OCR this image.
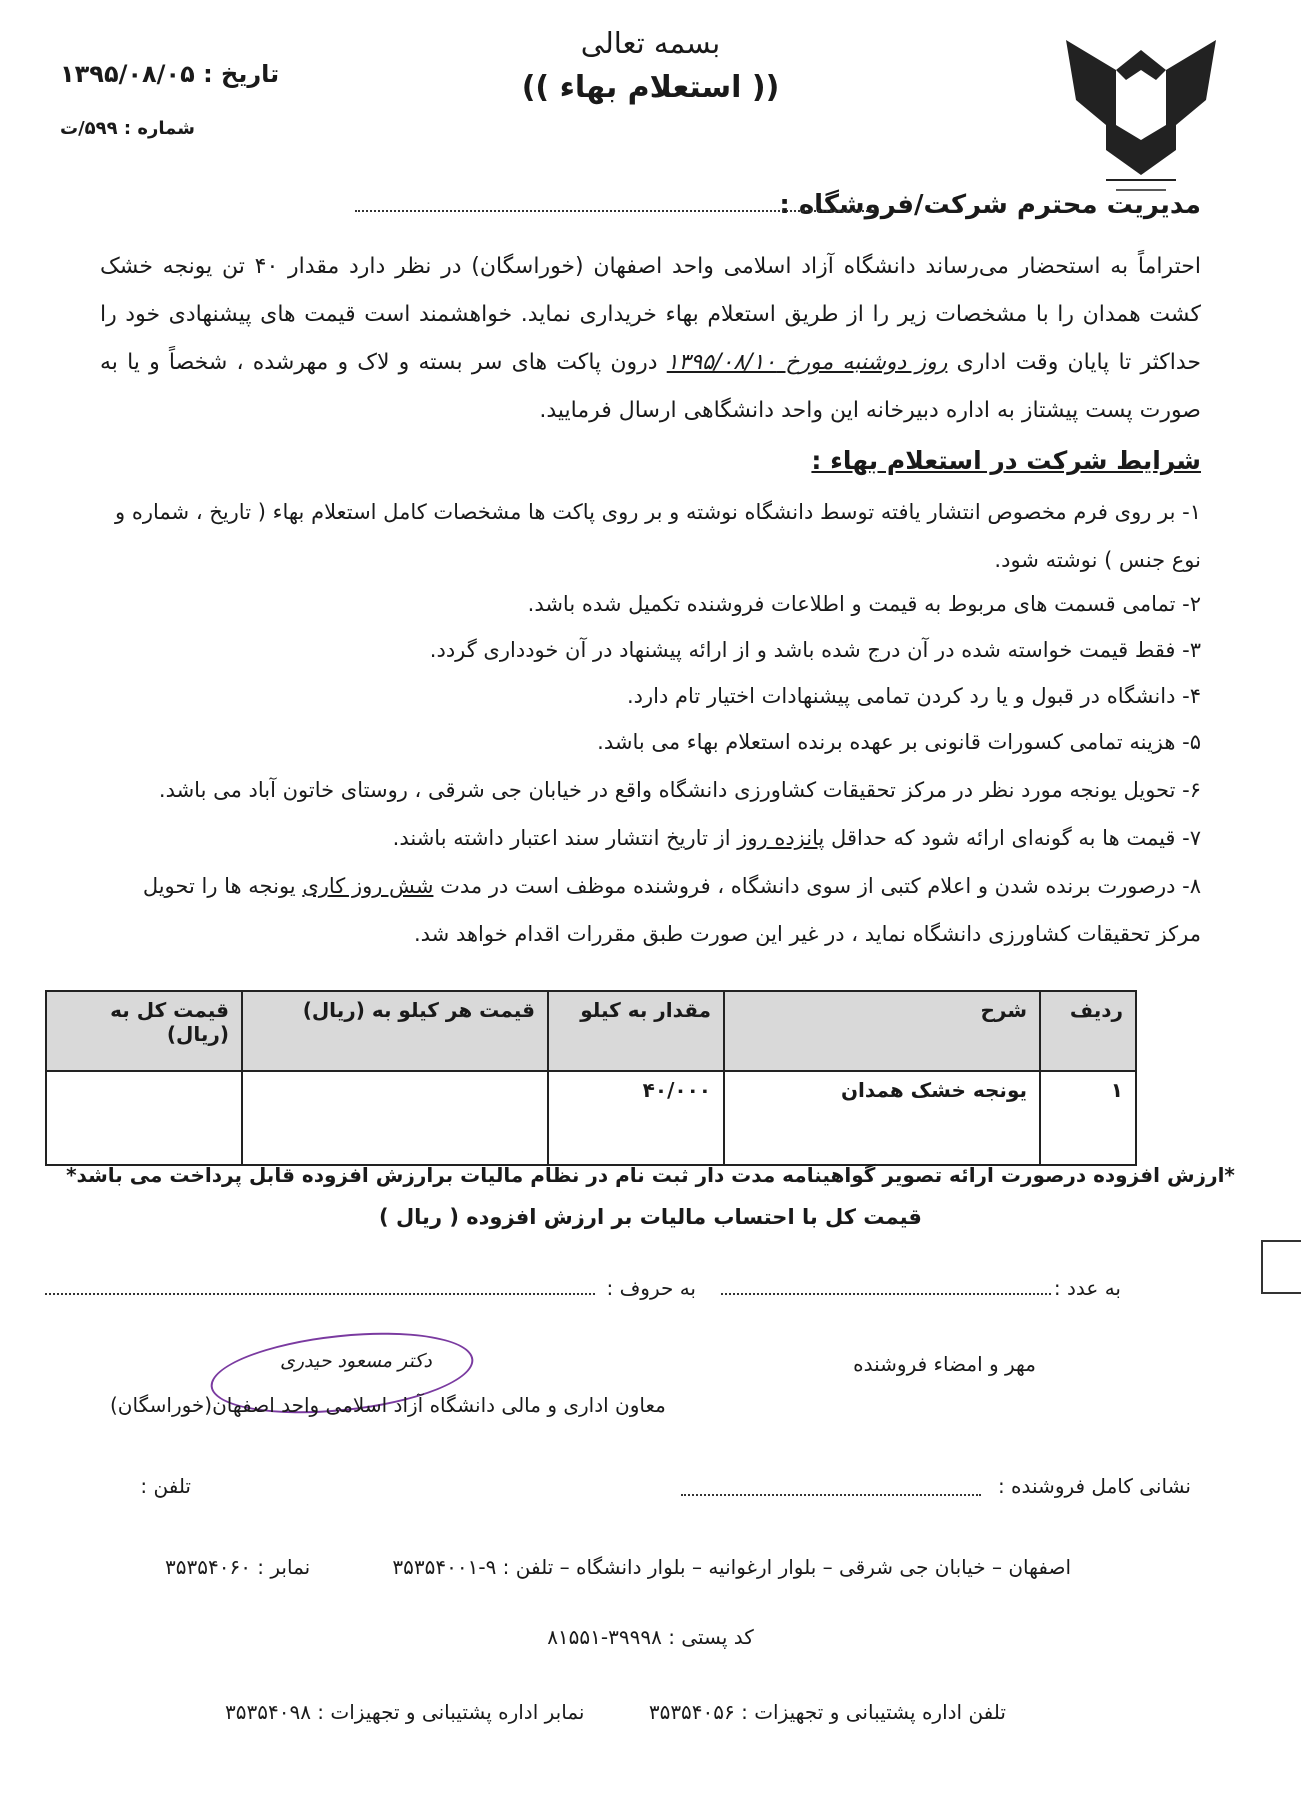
بسمه تعالی
(( استعلام بهاء ))
تاریخ : ۱۳۹۵/۰۸/۰۵
شماره : ۵۹۹/ت
مدیریت محترم شرکت/فروشگاه :
احتراماً به استحضار می‌رساند دانشگاه آزاد اسلامی واحد اصفهان (خوراسگان) در نظر دارد مقدار ۴۰ تن یونجه خشک کشت همدان را با مشخصات زیر را از طریق استعلام بهاء خریداری نماید. خواهشمند است قیمت های پیشنهادی خود را حداکثر تا پایان وقت اداری روز دوشنبه مورخ ۱۳۹۵/۰۸/۱۰ درون پاکت های سر بسته و لاک و مهرشده ، شخصاً و یا به صورت پست پیشتاز به اداره دبیرخانه این واحد دانشگاهی ارسال فرمایید.
شرایط شرکت در استعلام بهاء :
۱- بر روی فرم مخصوص انتشار یافته توسط دانشگاه نوشته و بر روی پاکت ها مشخصات کامل استعلام بهاء ( تاریخ ، شماره و نوع جنس ) نوشته شود.
۲- تمامی قسمت های مربوط به قیمت و اطلاعات فروشنده تکمیل شده باشد.
۳- فقط قیمت خواسته شده در آن درج شده باشد و از ارائه پیشنهاد در آن خودداری گردد.
۴- دانشگاه در قبول و یا رد کردن تمامی پیشنهادات اختیار تام دارد.
۵- هزینه تمامی کسورات قانونی بر عهده برنده استعلام بهاء می باشد.
۶- تحویل یونجه مورد نظر در مرکز تحقیقات کشاورزی دانشگاه واقع در خیابان جی شرقی ، روستای خاتون آباد می باشد.
۷- قیمت ها به گونه‌ای ارائه شود که حداقل پانزده روز از تاریخ انتشار سند اعتبار داشته باشند.
۸- درصورت برنده شدن و اعلام کتبی از سوی دانشگاه ، فروشنده موظف است در مدت شش روز کاری یونجه ها را تحویل مرکز تحقیقات کشاورزی دانشگاه نماید ، در غیر این صورت طبق مقررات اقدام خواهد شد.
ردیف	شرح	مقدار به کیلو	قیمت هر کیلو به (ریال)	قیمت کل به (ریال)
۱	یونجه خشک همدان	۴۰/۰۰۰		
*ارزش افزوده درصورت ارائه تصویر گواهینامه مدت دار ثبت نام در نظام مالیات برارزش افزوده قابل پرداخت می باشد*
قیمت کل با احتساب مالیات بر ارزش افزوده ( ریال )
به عدد :
به حروف :
مهر و امضاء فروشنده
دکتر مسعود حیدری
معاون اداری و مالی دانشگاه آزاد اسلامی واحد اصفهان(خوراسگان)
نشانی کامل فروشنده :
تلفن :
اصفهان – خیابان جی شرقی – بلوار ارغوانیه – بلوار دانشگاه – تلفن : ۹-۳۵۳۵۴۰۰۱
نمابر : ۳۵۳۵۴۰۶۰
کد پستی : ۳۹۹۹۸-۸۱۵۵۱
تلفن اداره پشتیبانی و تجهیزات : ۳۵۳۵۴۰۵۶
نمابر اداره پشتیبانی و تجهیزات : ۳۵۳۵۴۰۹۸
